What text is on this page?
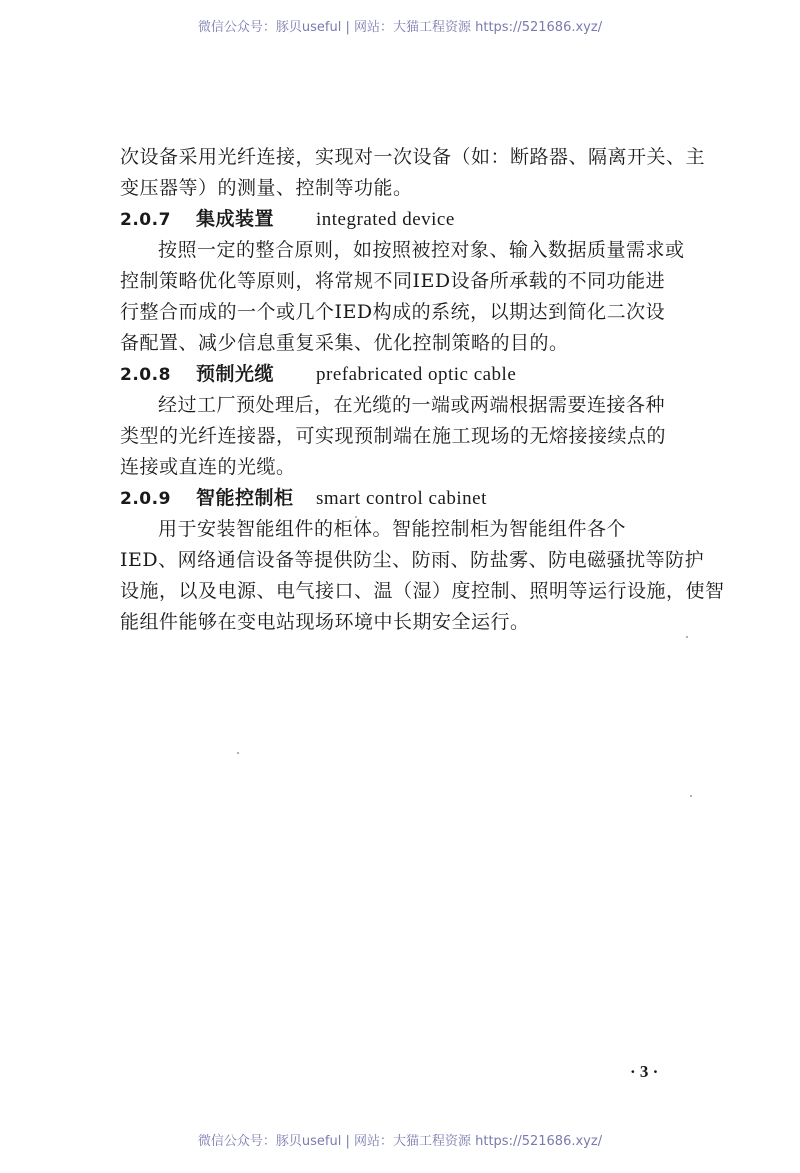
微信公众号：豚贝useful | 网站：大猫工程资源 https://521686.xyz/
次设备采用光纤连接，实现对一次设备（如：断路器、隔离开关、主
变压器等）的测量、控制等功能。
2.0.7 集成装置 integrated device
按照一定的整合原则，如按照被控对象、输入数据质量需求或
控制策略优化等原则，将常规不同IED设备所承载的不同功能进
行整合而成的一个或几个IED构成的系统，以期达到简化二次设
备配置、减少信息重复采集、优化控制策略的目的。
2.0.8 预制光缆 prefabricated optic cable
经过工厂预处理后，在光缆的一端或两端根据需要连接各种
类型的光纤连接器，可实现预制端在施工现场的无熔接接续点的
连接或直连的光缆。
2.0.9 智能控制柜 smart control cabinet
用于安装智能组件的柜体。智能控制柜为智能组件各个
IED、网络通信设备等提供防尘、防雨、防盐雾、防电磁骚扰等防护
设施，以及电源、电气接口、温（湿）度控制、照明等运行设施，使智
能组件能够在变电站现场环境中长期安全运行。
· 3 ·
微信公众号：豚贝useful | 网站：大猫工程资源 https://521686.xyz/
